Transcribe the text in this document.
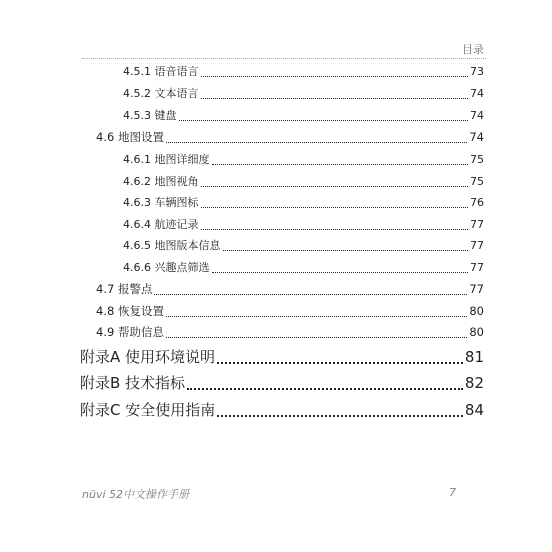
目录
4.5.1 语音语言	73
4.5.2 文本语言	74
4.5.3 键盘	74
4.6 地图设置	74
4.6.1 地图详细度	75
4.6.2 地图视角	75
4.6.3 车辆图标	76
4.6.4 航迹记录	77
4.6.5 地图版本信息	77
4.6.6 兴趣点筛选	77
4.7 报警点	77
4.8 恢复设置	80
4.9 帮助信息	80
附录A 使用环境说明	81
附录B 技术指标	82
附录C 安全使用指南	84
nüvi 52中文操作手册	7
